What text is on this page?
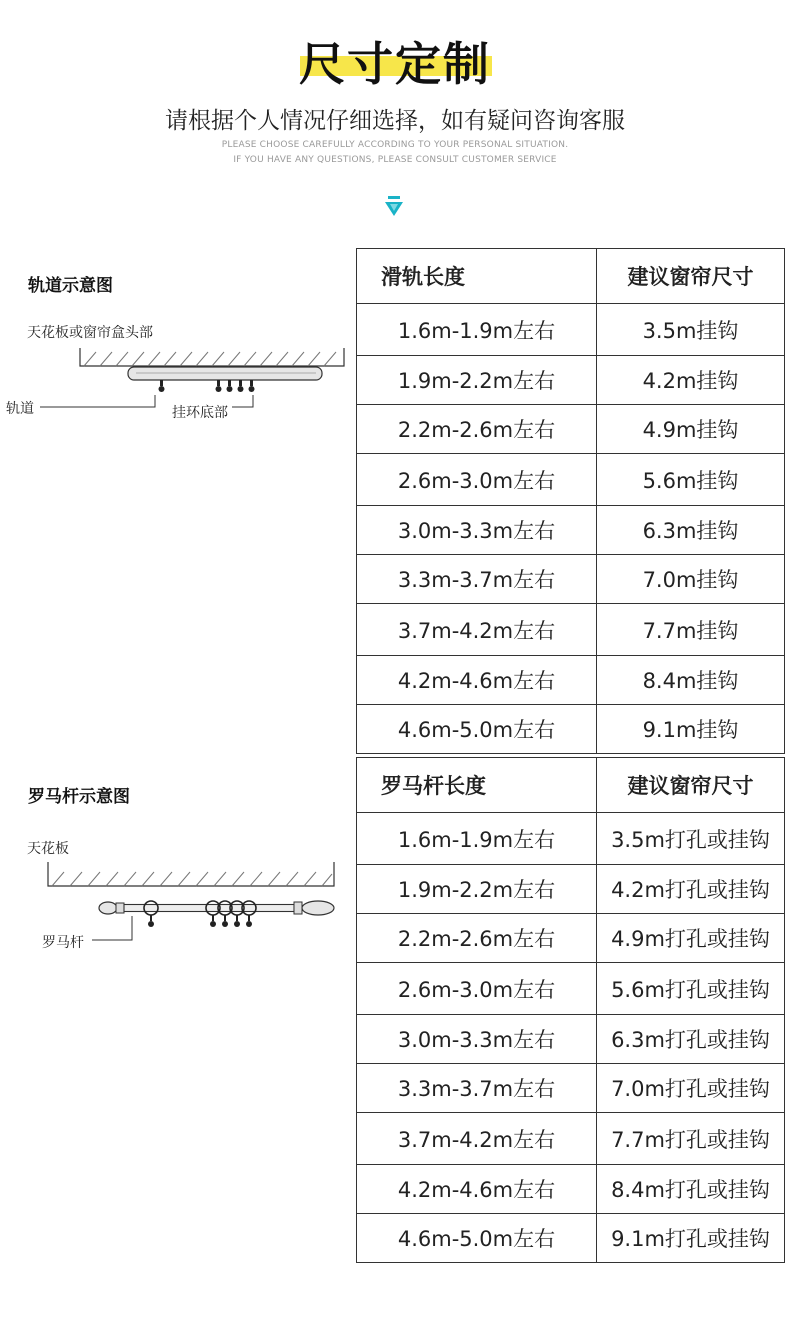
尺寸定制
请根据个人情况仔细选择，如有疑问咨询客服
PLEASE CHOOSE CAREFULLY ACCORDING TO YOUR PERSONAL SITUATION.
IF YOU HAVE ANY QUESTIONS, PLEASE CONSULT CUSTOMER SERVICE
轨道示意图
天花板或窗帘盒头部
轨道	挂环底部
滑轨长度	建议窗帘尺寸
1.6m-1.9m左右	3.5m挂钩
1.9m-2.2m左右	4.2m挂钩
2.2m-2.6m左右	4.9m挂钩
2.6m-3.0m左右	5.6m挂钩
3.0m-3.3m左右	6.3m挂钩
3.3m-3.7m左右	7.0m挂钩
3.7m-4.2m左右	7.7m挂钩
4.2m-4.6m左右	8.4m挂钩
4.6m-5.0m左右	9.1m挂钩
罗马杆示意图
天花板
罗马杆
罗马杆长度	建议窗帘尺寸
1.6m-1.9m左右	3.5m打孔或挂钩
1.9m-2.2m左右	4.2m打孔或挂钩
2.2m-2.6m左右	4.9m打孔或挂钩
2.6m-3.0m左右	5.6m打孔或挂钩
3.0m-3.3m左右	6.3m打孔或挂钩
3.3m-3.7m左右	7.0m打孔或挂钩
3.7m-4.2m左右	7.7m打孔或挂钩
4.2m-4.6m左右	8.4m打孔或挂钩
4.6m-5.0m左右	9.1m打孔或挂钩
